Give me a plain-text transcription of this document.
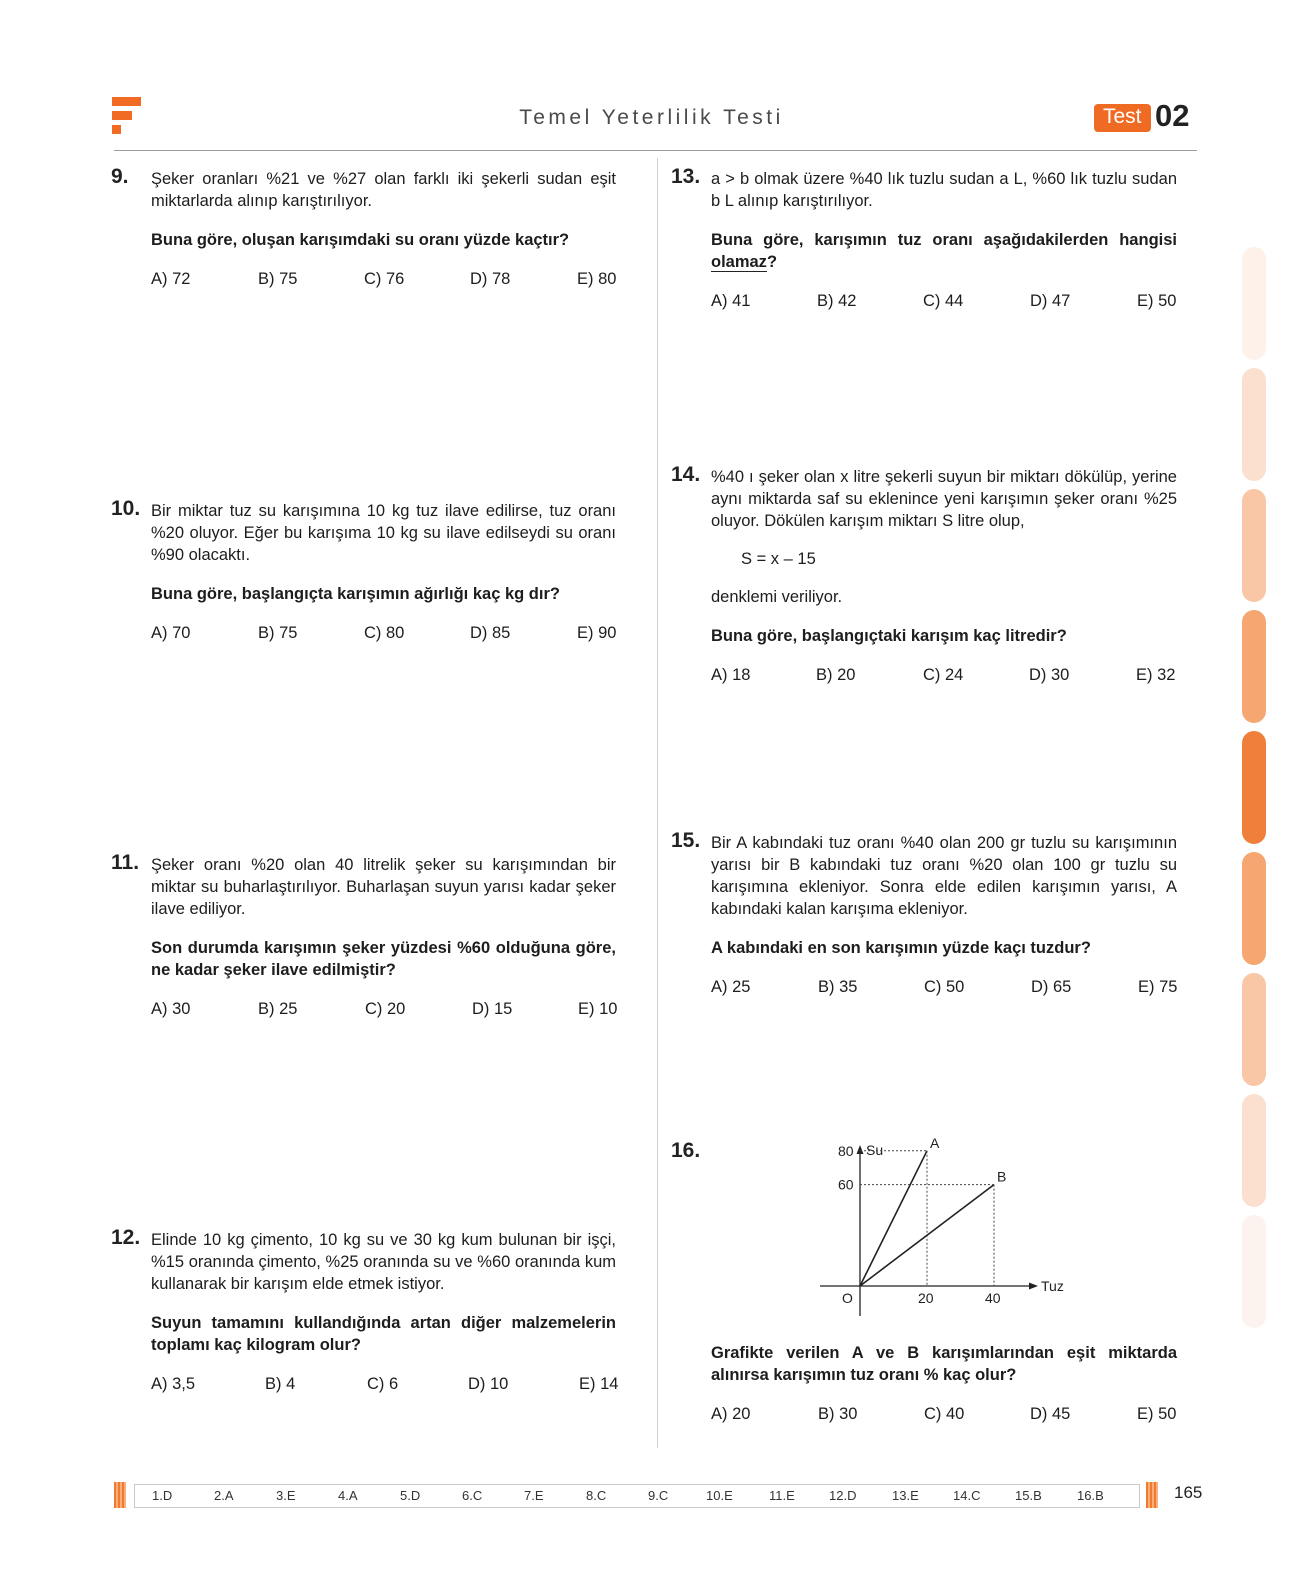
Temel Yeterlilik Testi	Test 02
9. Şeker oranları %21 ve %27 olan farklı iki şekerli sudan eşit miktarlarda alınıp karıştırılıyor.

Buna göre, oluşan karışımdaki su oranı yüzde kaçtır?

A) 72	B) 75	C) 76	D) 78	E) 80
10. Bir miktar tuz su karışımına 10 kg tuz ilave edilirse, tuz oranı %20 oluyor. Eğer bu karışıma 10 kg su ilave edilseydi su oranı %90 olacaktı.

Buna göre, başlangıçta karışımın ağırlığı kaç kg dır?

A) 70	B) 75	C) 80	D) 85	E) 90
11. Şeker oranı %20 olan 40 litrelik şeker su karışımından bir miktar su buharlaştırılıyor. Buharlaşan suyun yarısı kadar şeker ilave ediliyor.

Son durumda karışımın şeker yüzdesi %60 olduğuna göre, ne kadar şeker ilave edilmiştir?

A) 30	B) 25	C) 20	D) 15	E) 10
12. Elinde 10 kg çimento, 10 kg su ve 30 kg kum bulunan bir işçi, %15 oranında çimento, %25 oranında su ve %60 oranında kum kullanarak bir karışım elde etmek istiyor.

Suyun tamamını kullandığında artan diğer malzemelerin toplamı kaç kilogram olur?

A) 3,5	B) 4	C) 6	D) 10	E) 14
13. a > b olmak üzere %40 lık tuzlu sudan a L, %60 lık tuzlu sudan b L alınıp karıştırılıyor.

Buna göre, karışımın tuz oranı aşağıdakilerden hangisi olamaz?

A) 41	B) 42	C) 44	D) 47	E) 50
14. %40 ı şeker olan x litre şekerli suyun bir miktarı dökülüp, yerine aynı miktarda saf su eklenince yeni karışımın şeker oranı %25 oluyor. Dökülen karışım miktarı S litre olup,

S = x – 15

denklemi veriliyor.

Buna göre, başlangıçtaki karışım kaç litredir?

A) 18	B) 20	C) 24	D) 30	E) 32
15. Bir A kabındaki tuz oranı %40 olan 200 gr tuzlu su karışımının yarısı bir B kabındaki tuz oranı %20 olan 100 gr tuzlu su karışımına ekleniyor. Sonra elde edilen karışımın yarısı, A kabındaki kalan karışıma ekleniyor.

A kabındaki en son karışımın yüzde kaçı tuzdur?

A) 25	B) 35	C) 50	D) 65	E) 75
16.	Su
Tuz
O
A
B
20	40
60
80

Grafikte verilen A ve B karışımlarından eşit miktarda alınırsa karışımın tuz oranı % kaç olur?

A) 20	B) 30	C) 40	D) 45	E) 50
1.D	2.A	3.E	4.A	5.D	6.C	7.E	8.C	9.C	10.E	11.E	12.D	13.E	14.C	15.B	16.B	165
